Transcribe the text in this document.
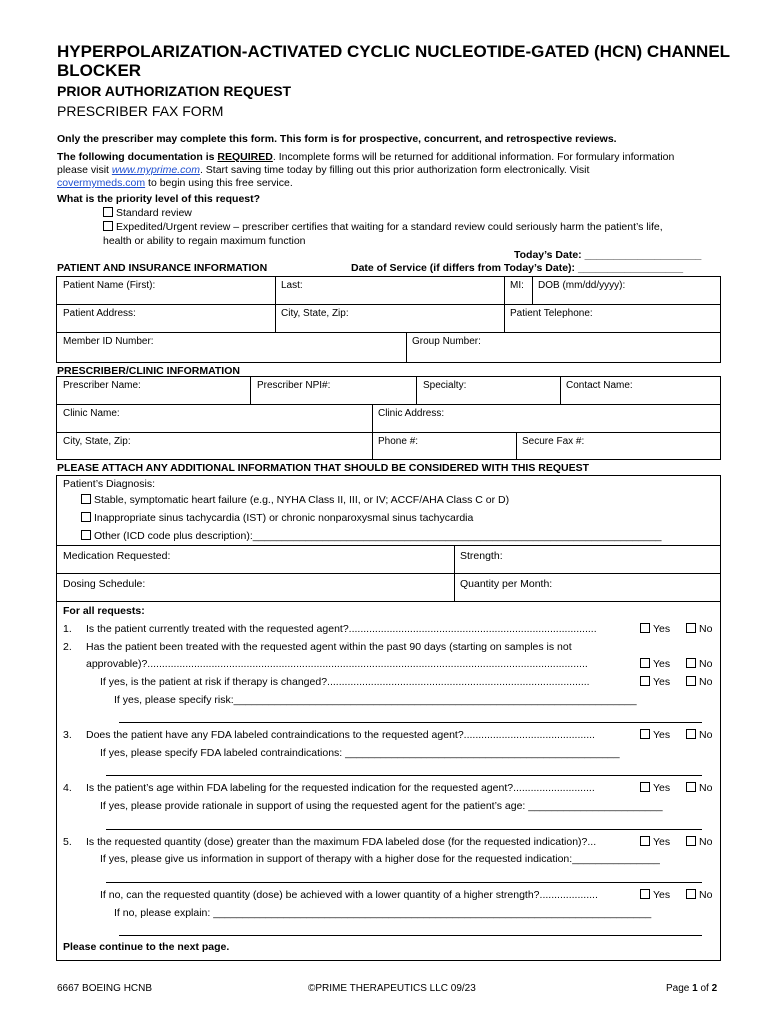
HYPERPOLARIZATION-ACTIVATED CYCLIC NUCLEOTIDE-GATED (HCN) CHANNEL BLOCKER
PRIOR AUTHORIZATION REQUEST
PRESCRIBER FAX FORM
Only the prescriber may complete this form. This form is for prospective, concurrent, and retrospective reviews.
The following documentation is REQUIRED. Incomplete forms will be returned for additional information. For formulary information
please visit www.myprime.com. Start saving time today by filling out this prior authorization form electronically. Visit
covermymeds.com to begin using this free service.
What is the priority level of this request?
Standard review
Expedited/Urgent review – prescriber certifies that waiting for a standard review could seriously harm the patient’s life,
health or ability to regain maximum function
Today’s Date: ____________________
Date of Service (if differs from Today’s Date): __________________
PATIENT AND INSURANCE INFORMATION
Patient Name (First):	Last:	MI: DOB (mm/dd/yyyy):
Patient Address:	City, State, Zip:	Patient Telephone:
Member ID Number:	Group Number:
PRESCRIBER/CLINIC INFORMATION
Prescriber Name:	Prescriber NPI#:	Specialty:	Contact Name:
Clinic Name:	Clinic Address:
City, State, Zip:	Phone #:	Secure Fax #:
PLEASE ATTACH ANY ADDITIONAL INFORMATION THAT SHOULD BE CONSIDERED WITH THIS REQUEST
Patient’s Diagnosis:
Stable, symptomatic heart failure (e.g., NYHA Class II, III, or IV; ACCF/AHA Class C or D)
Inappropriate sinus tachycardia (IST) or chronic nonparoxysmal sinus tachycardia
Other (ICD code plus description):______________________________________________________________________
Medication Requested:	Strength:
Dosing Schedule:	Quantity per Month:
For all requests:
1. Is the patient currently treated with the requested agent?.....................................................................................	Yes	No
2. Has the patient been treated with the requested agent within the past 90 days (starting on samples is not
approvable)?.......................................................................................................................................................	Yes	No
If yes, is the patient at risk if therapy is changed?..........................................................................................	Yes	No
If yes, please specify risk:_____________________________________________________________________
3. Does the patient have any FDA labeled contraindications to the requested agent?.............................................	Yes	No
If yes, please specify FDA labeled contraindications: _______________________________________________
4. Is the patient’s age within FDA labeling for the requested indication for the requested agent?............................	Yes	No
If yes, please provide rationale in support of using the requested agent for the patient’s age: _______________________
5. Is the requested quantity (dose) greater than the maximum FDA labeled dose (for the requested indication)?...	Yes	No
If yes, please give us information in support of therapy with a higher dose for the requested indication:_______________
If no, can the requested quantity (dose) be achieved with a lower quantity of a higher strength?....................	Yes	No
If no, please explain: ___________________________________________________________________________
Please continue to the next page.
6667 BOEING HCNB	©PRIME THERAPEUTICS LLC 09/23	Page 1 of 2
